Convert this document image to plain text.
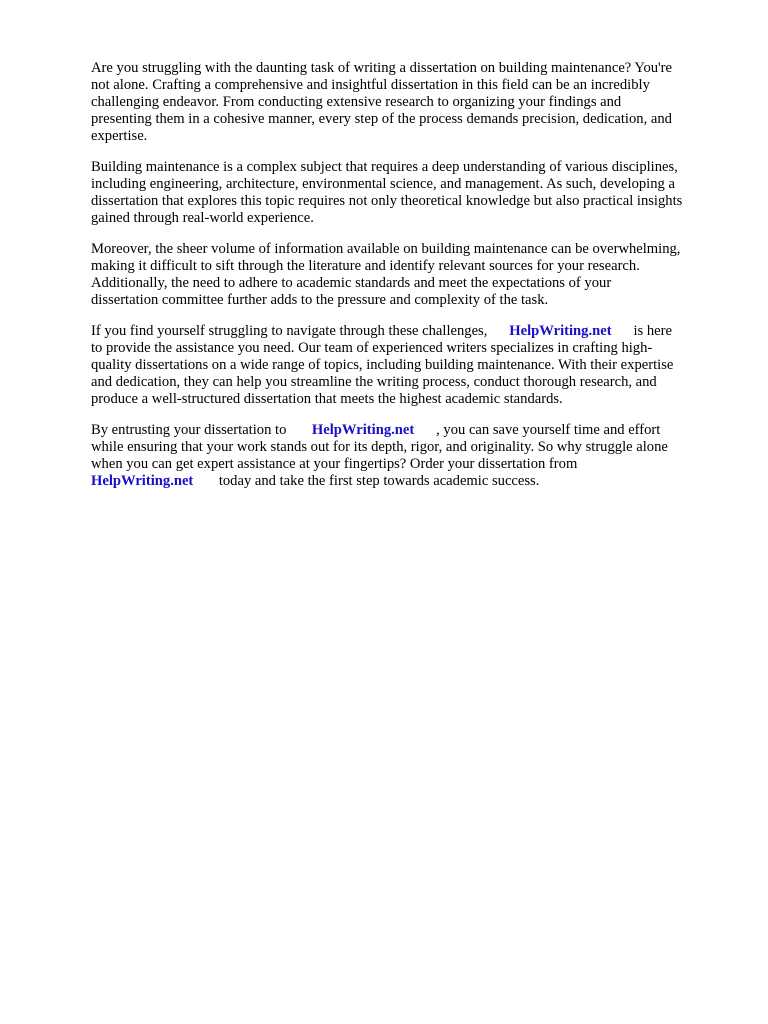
Are you struggling with the daunting task of writing a dissertation on building maintenance? You're
not alone. Crafting a comprehensive and insightful dissertation in this field can be an incredibly
challenging endeavor. From conducting extensive research to organizing your findings and
presenting them in a cohesive manner, every step of the process demands precision, dedication, and
expertise.
Building maintenance is a complex subject that requires a deep understanding of various disciplines,
including engineering, architecture, environmental science, and management. As such, developing a
dissertation that explores this topic requires not only theoretical knowledge but also practical insights
gained through real-world experience.
Moreover, the sheer volume of information available on building maintenance can be overwhelming,
making it difficult to sift through the literature and identify relevant sources for your research.
Additionally, the need to adhere to academic standards and meet the expectations of your
dissertation committee further adds to the pressure and complexity of the task.
If you find yourself struggling to navigate through these challenges,      HelpWriting.net      is here
to provide the assistance you need. Our team of experienced writers specializes in crafting high-
quality dissertations on a wide range of topics, including building maintenance. With their expertise
and dedication, they can help you streamline the writing process, conduct thorough research, and
produce a well-structured dissertation that meets the highest academic standards.
By entrusting your dissertation to       HelpWriting.net      , you can save yourself time and effort
while ensuring that your work stands out for its depth, rigor, and originality. So why struggle alone
when you can get expert assistance at your fingertips? Order your dissertation from
HelpWriting.net       today and take the first step towards academic success.
